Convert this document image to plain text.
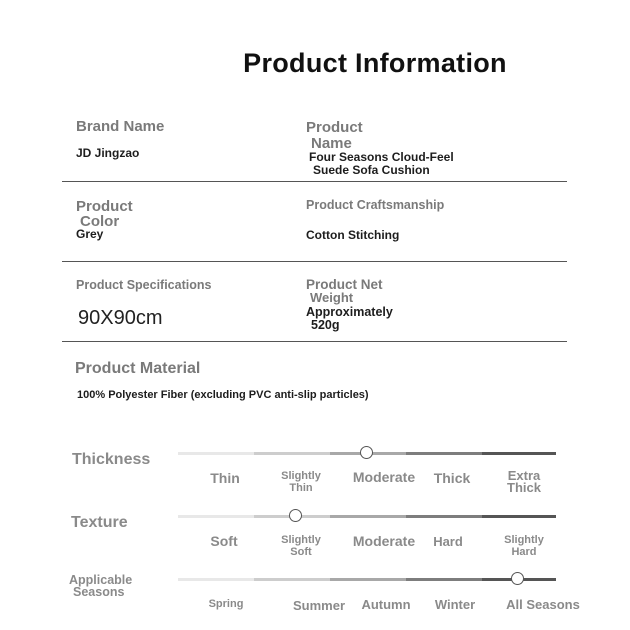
Product Information
Brand Name
JD Jingzao
Product
Name
Four Seasons Cloud-Feel
Suede Sofa Cushion
Product
Color
Grey
Product Craftsmanship
Cotton Stitching
Product Specifications
90X90cm
Product Net
Weight
Approximately
520g
Product Material
100% Polyester Fiber (excluding PVC anti-slip particles)
Thickness
Thin	Slightly
Thin
Moderate	Thick	Extra
Thick
Texture
Soft	Slightly
Soft
Moderate	Hard	Slightly
Hard
Applicable
Seasons
Spring	Summer	Autumn	Winter	All Seasons
